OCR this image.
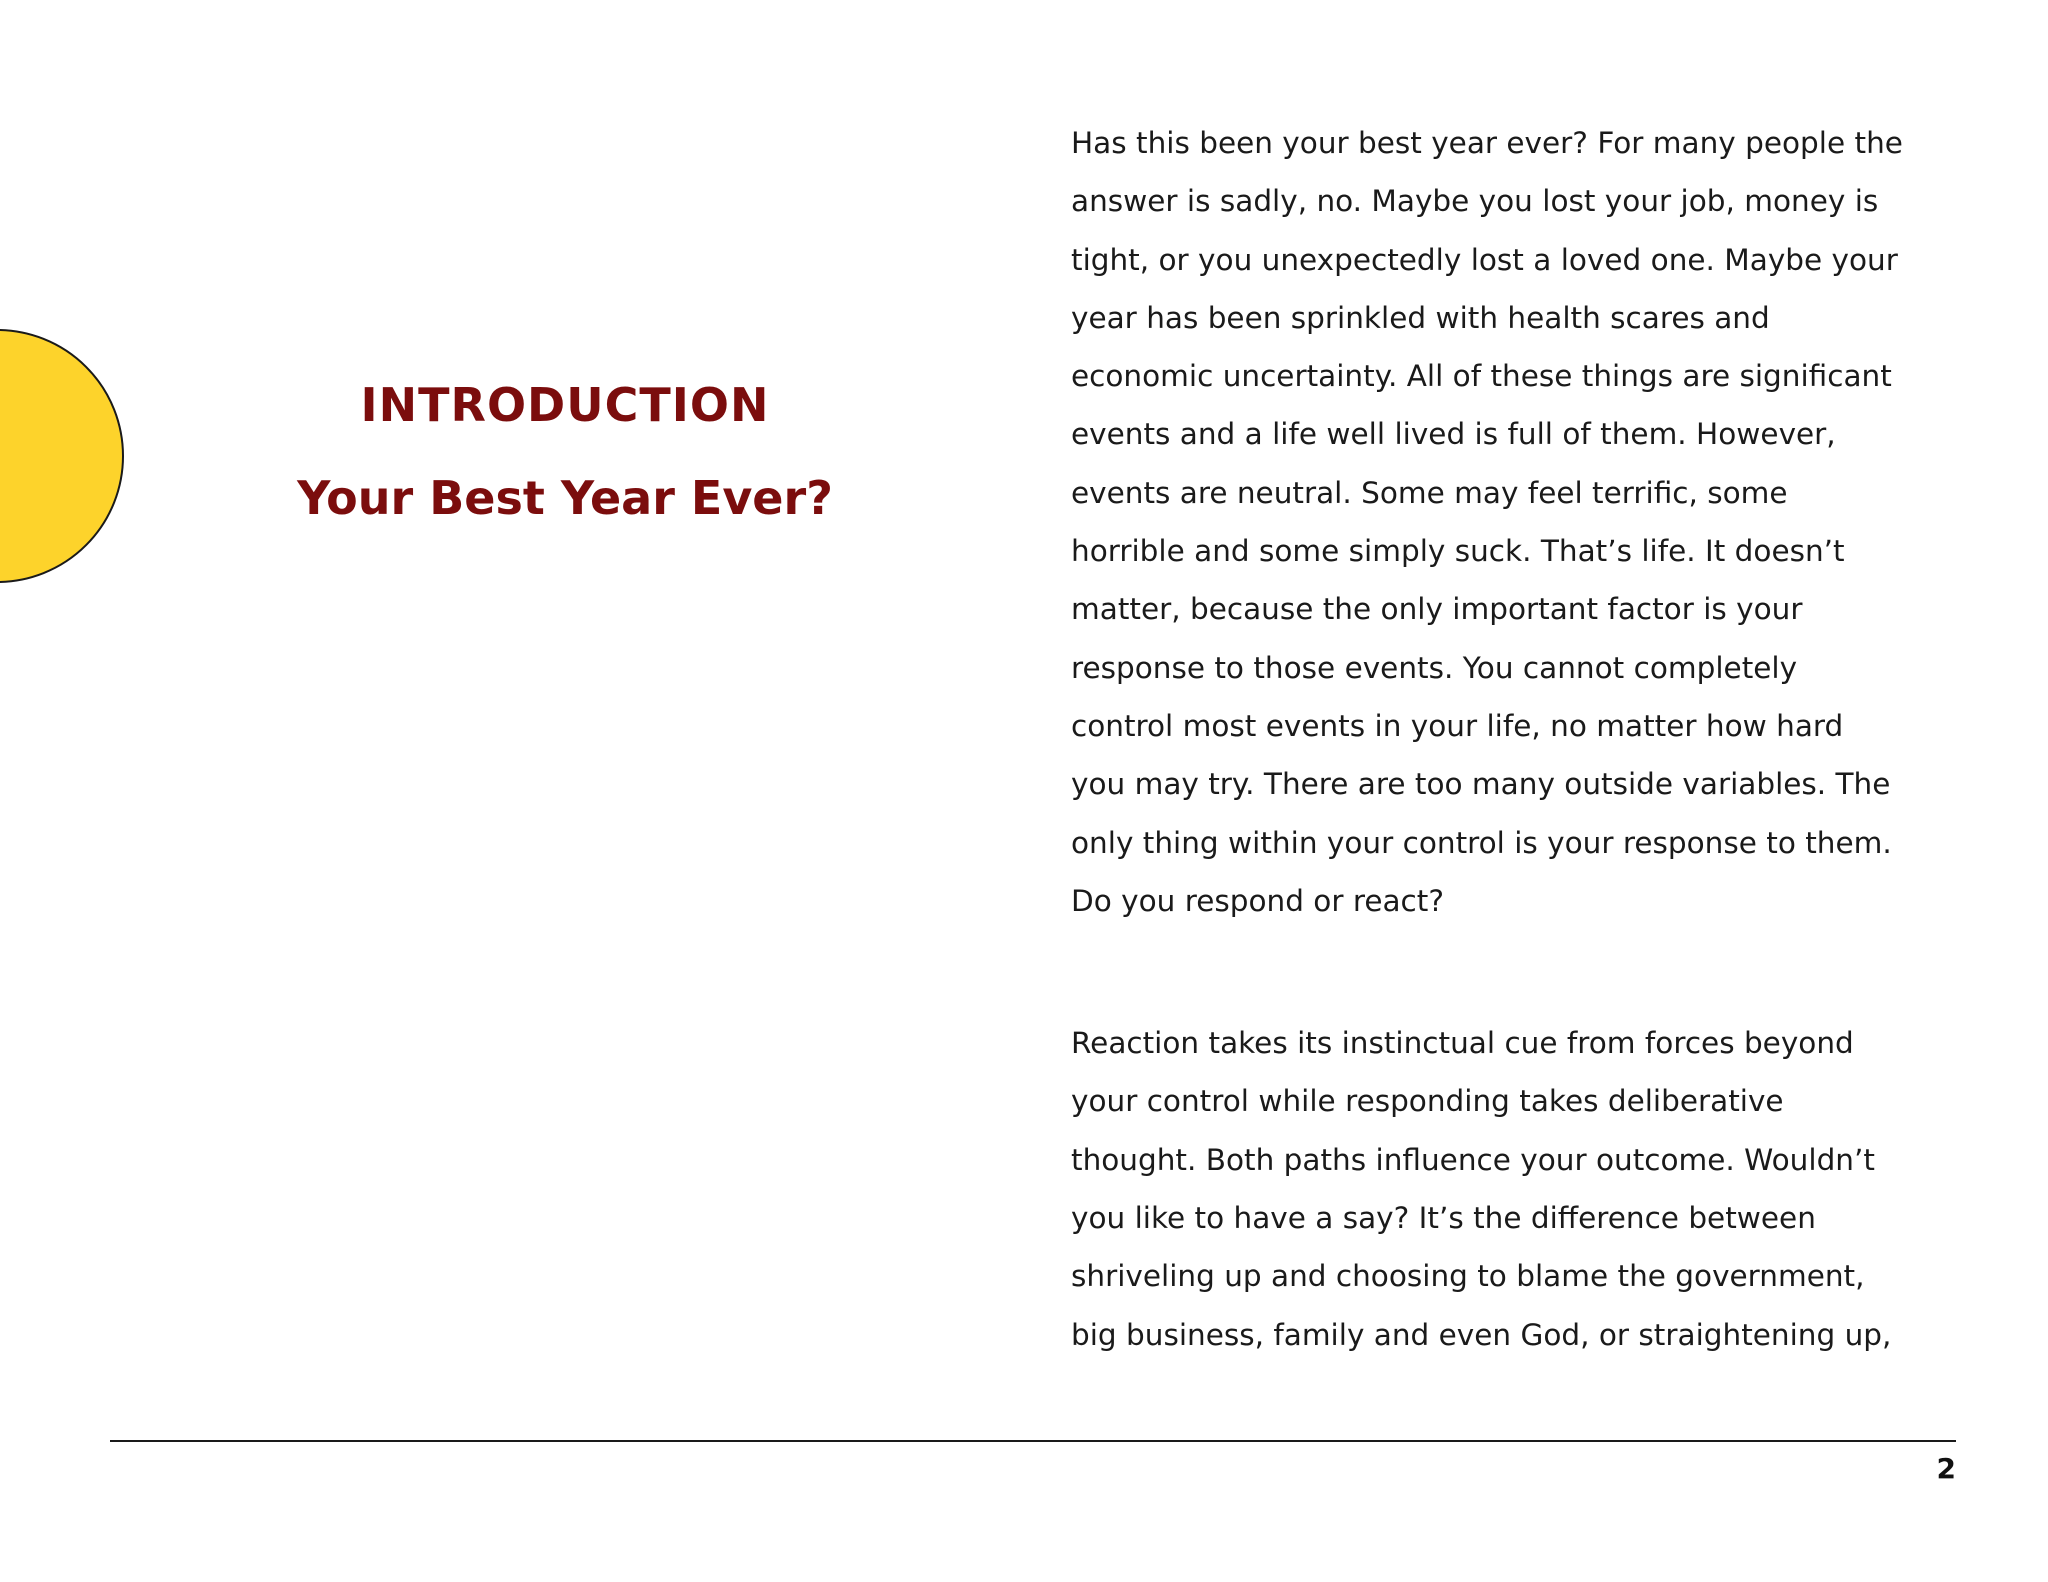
INTRODUCTION
Your Best Year Ever?

Has this been your best year ever? For many people the
answer is sadly, no. Maybe you lost your job, money is
tight, or you unexpectedly lost a loved one. Maybe your
year has been sprinkled with health scares and
economic uncertainty. All of these things are significant
events and a life well lived is full of them. However,
events are neutral. Some may feel terrific, some
horrible and some simply suck. That’s life. It doesn’t
matter, because the only important factor is your
response to those events. You cannot completely
control most events in your life, no matter how hard
you may try. There are too many outside variables. The
only thing within your control is your response to them.
Do you respond or react?

Reaction takes its instinctual cue from forces beyond
your control while responding takes deliberative
thought. Both paths influence your outcome. Wouldn’t
you like to have a say? It’s the difference between
shriveling up and choosing to blame the government,
big business, family and even God, or straightening up,

2
